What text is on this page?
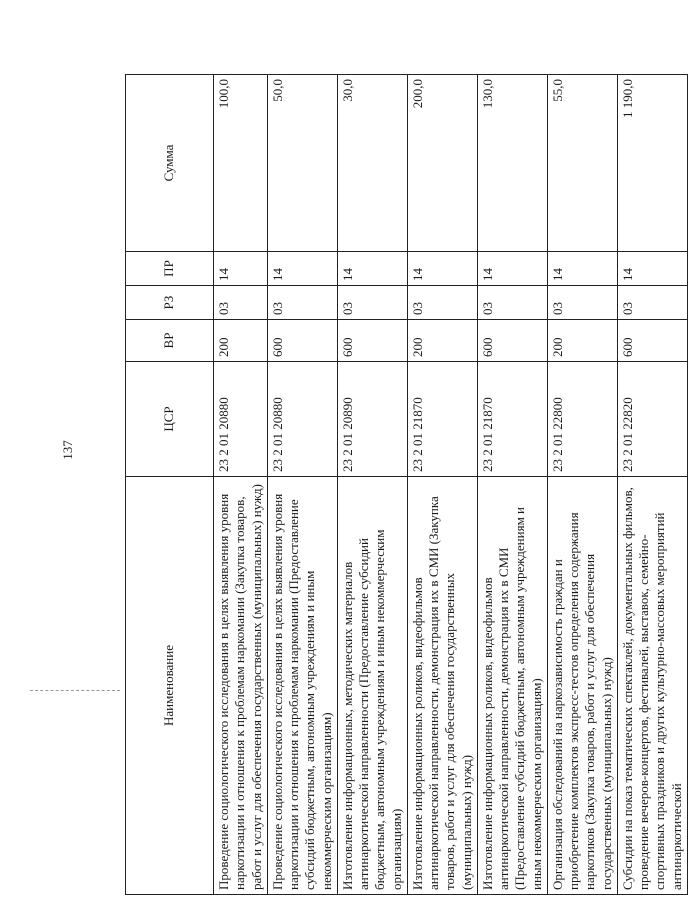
137
Наименование	ЦСР	ВР	РЗ	ПР	Сумма
Проведение социологического исследования в целях выявления уровня наркотизации и отношения к проблемам наркомании (Закупка товаров, работ и услуг для обеспечения государственных (муниципальных) нужд)	23 2 01 20880	200	03	14	100,0
Проведение социологического исследования в целях выявления уровня наркотизации и отношения к проблемам наркомании (Предоставление субсидий бюджетным, автономным учреждениям и иным некоммерческим организациям)	23 2 01 20880	600	03	14	50,0
Изготовление информационных, методических материалов антинаркотической направленности (Предоставление субсидий бюджетным, автономным учреждениям и иным некоммерческим организациям)	23 2 01 20890	600	03	14	30,0
Изготовление информационных роликов, видеофильмов антинаркотической направленности, демонстрация их в СМИ (Закупка товаров, работ и услуг для обеспечения государственных (муниципальных) нужд)	23 2 01 21870	200	03	14	200,0
Изготовление информационных роликов, видеофильмов антинаркотической направленности, демонстрация их в СМИ (Предоставление субсидий бюджетным, автономным учреждениям и иным некоммерческим организациям)	23 2 01 21870	600	03	14	130,0
Организация обследований на наркозависимость граждан и приобретение комплектов экспресс-тестов определения содержания наркотиков (Закупка товаров, работ и услуг для обеспечения государственных (муниципальных) нужд)	23 2 01 22800	200	03	14	55,0
Субсидии на показ тематических спектаклей, документальных фильмов, проведение вечеров-концертов, фестивалей, выставок, семейно-спортивных праздников и других культурно-массовых мероприятий антинаркотической	23 2 01 22820	600	03	14	1 190,0
